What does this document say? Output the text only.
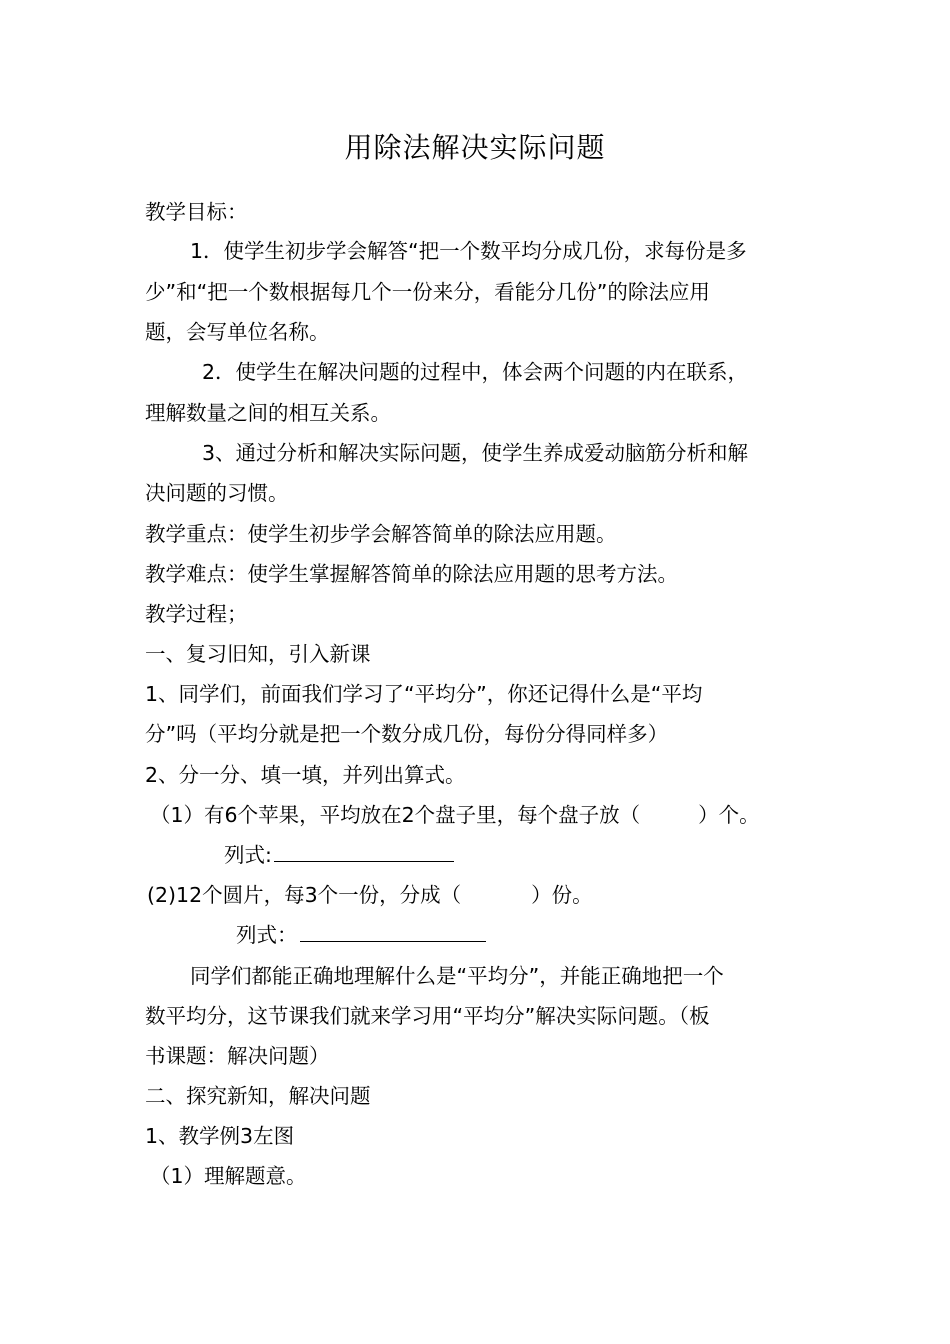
用除法解决实际问题
教学目标：
1．使学生初步学会解答“把一个数平均分成几份，求每份是多
少”和“把一个数根据每几个一份来分，看能分几份”的除法应用
题，会写单位名称。
2．使学生在解决问题的过程中，体会两个问题的内在联系，
理解数量之间的相互关系。
3、通过分析和解决实际问题，使学生养成爱动脑筋分析和解
决问题的习惯。
教学重点：使学生初步学会解答简单的除法应用题。
教学难点：使学生掌握解答简单的除法应用题的思考方法。
教学过程；
一、复习旧知，引入新课
1、同学们，前面我们学习了“平均分”，你还记得什么是“平均
分”吗（平均分就是把一个数分成几份，每份分得同样多）
2、分一分、填一填，并列出算式。
（1）有6个苹果，平均放在2个盘子里，每个盘子放（	）个。
列式:
(2)12个圆片，每3个一份，分成（	）份。
列式：
同学们都能正确地理解什么是“平均分”，并能正确地把一个
数平均分，这节课我们就来学习用“平均分”解决实际问题。（板
书课题：解决问题）
二、探究新知，解决问题
1、教学例3左图
（1）理解题意。
